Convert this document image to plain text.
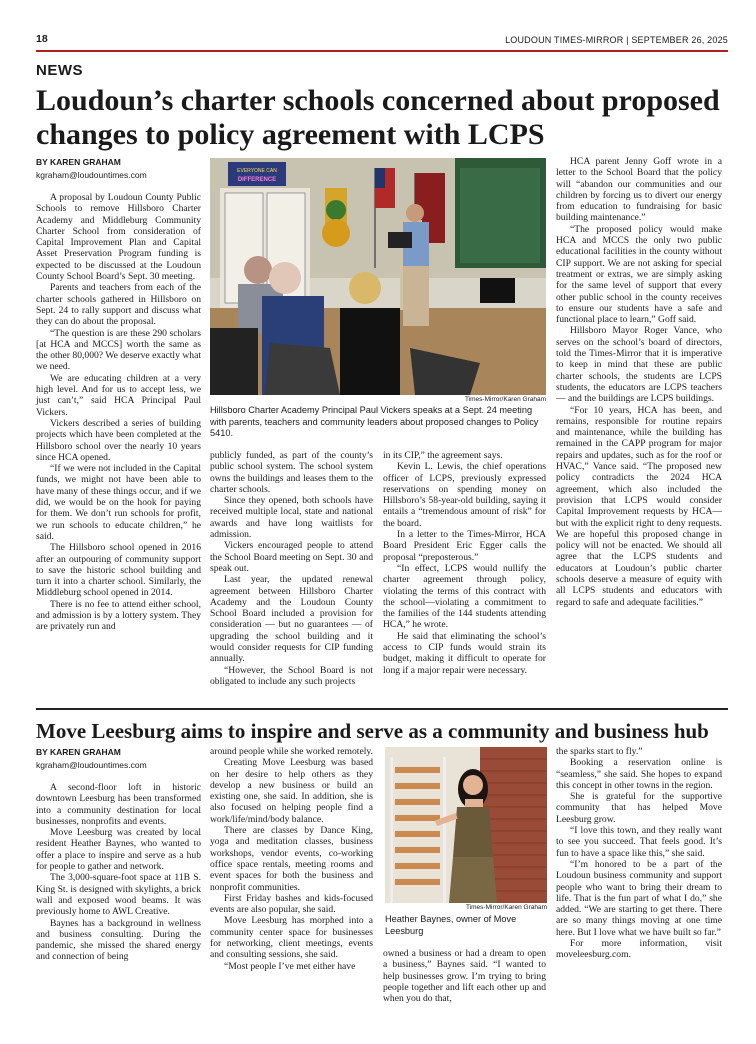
18	LOUDOUN TIMES-MIRROR | SEPTEMBER 26, 2025
NEWS
Loudoun’s charter schools concerned about proposed changes to policy agreement with LCPS
BY KAREN GRAHAM
kgraham@loudountimes.com

A proposal by Loudoun County Public Schools to remove Hillsboro Charter Academy and Middleburg Community Charter School from consideration of Capital Improvement Plan and Capital Asset Preservation Program funding is expected to be discussed at the Loudoun County School Board’s Sept. 30 meeting.

Parents and teachers from each of the charter schools gathered in Hillsboro on Sept. 24 to rally support and discuss what they can do about the proposal.

“The question is are these 290 scholars [at HCA and MCCS] worth the same as the other 80,000? We deserve exactly what we need.

We are educating children at a very high level. And for us to accept less, we just can’t,” said HCA Principal Paul Vickers.

Vickers described a series of building projects which have been completed at the Hillsboro school over the nearly 10 years since HCA opened.

“If we were not included in the Capital funds, we might not have been able to have many of these things occur, and if we did, we would be on the hook for paying for them. We don’t run schools for profit, we run schools to educate children,” he said.

The Hillsboro school opened in 2016 after an outpouring of community support to save the historic school building and turn it into a charter school. Similarly, the Middleburg school opened in 2014.

There is no fee to attend either school, and admission is by a lottery system. They are privately run and

EVERYONE CAN
DIFFERENCE
Times-Mirror/Karen Graham
Hillsboro Charter Academy Principal Paul Vickers speaks at a Sept. 24 meeting with parents, teachers and community leaders about proposed changes to Policy 5410.

publicly funded, as part of the county’s public school system. The school system owns the buildings and leases them to the charter schools.

Since they opened, both schools have received multiple local, state and national awards and have long waitlists for admission.

Vickers encouraged people to attend the School Board meeting on Sept. 30 and speak out.

Last year, the updated renewal agreement between Hillsboro Charter Academy and the Loudoun County School Board included a provision for consideration — but no guarantees — of upgrading the school building and it would consider requests for CIP funding annually.

“However, the School Board is not obligated to include any such projects

in its CIP,” the agreement says.

Kevin L. Lewis, the chief operations officer of LCPS, previously expressed reservations on spending money on Hillsboro’s 58-year-old building, saying it entails a “tremendous amount of risk” for the board.

In a letter to the Times-Mirror, HCA Board President Eric Egger calls the proposal “preposterous.”

“In effect, LCPS would nullify the charter agreement through policy, violating the terms of this contract with the school—violating a commitment to the families of the 144 students attending HCA,” he wrote.

He said that eliminating the school’s access to CIP funds would strain its budget, making it difficult to operate for long if a major repair were necessary.

HCA parent Jenny Goff wrote in a letter to the School Board that the policy will “abandon our communities and our children by forcing us to divert our energy from education to fundraising for basic building maintenance.”

“The proposed policy would make HCA and MCCS the only two public educational facilities in the county without CIP support. We are not asking for special treatment or extras, we are simply asking for the same level of support that every other public school in the county receives to ensure our students have a safe and functional place to learn,” Goff said.

Hillsboro Mayor Roger Vance, who serves on the school’s board of directors, told the Times-Mirror that it is imperative to keep in mind that these are public charter schools, the students are LCPS students, the educators are LCPS teachers — and the buildings are LCPS buildings.

“For 10 years, HCA has been, and remains, responsible for routine repairs and maintenance, while the building has remained in the CAPP program for major repairs and updates, such as for the roof or HVAC,” Vance said. “The proposed new policy contradicts the 2024 HCA agreement, which also included the provision that LCPS would consider Capital Improvement requests by HCA—but with the explicit right to deny requests. We are hopeful this proposed change in policy will not be enacted. We should all agree that the LCPS students and educators at Loudoun’s public charter schools deserve a measure of equity with all LCPS students and educators with regard to safe and adequate facilities.”

Move Leesburg aims to inspire and serve as a community and business hub
BY KAREN GRAHAM
kgraham@loudountimes.com

A second-floor loft in historic downtown Leesburg has been transformed into a community destination for local businesses, nonprofits and events.

Move Leesburg was created by local resident Heather Baynes, who wanted to offer a place to inspire and serve as a hub for people to gather and network.

The 3,000-square-foot space at 11B S. King St. is designed with skylights, a brick wall and exposed wood beams. It was previously home to AWL Creative.

Baynes has a background in wellness and business consulting. During the pandemic, she missed the shared energy and connection of being

around people while she worked remotely.

Creating Move Leesburg was based on her desire to help others as they develop a new business or build an existing one, she said. In addition, she is also focused on helping people find a work/life/mind/body balance.

There are classes by Dance King, yoga and meditation classes, business workshops, vendor events, co-working office space rentals, meeting rooms and event spaces for both the business and nonprofit communities.

First Friday bashes and kids-focused events are also popular, she said.

Move Leesburg has morphed into a community center space for businesses for networking, client meetings, events and consulting sessions, she said.

“Most people I’ve met either have

Times-Mirror/Karen Graham
Heather Baynes, owner of Move Leesburg

owned a business or had a dream to open a business,” Baynes said. “I wanted to help businesses grow. I’m trying to bring people together and lift each other up and when you do that,

the sparks start to fly.”

Booking a reservation online is “seamless,” she said. She hopes to expand this concept in other towns in the region.

She is grateful for the supportive community that has helped Move Leesburg grow.

“I love this town, and they really want to see you succeed. That feels good. It’s fun to have a space like this,” she said.

“I’m honored to be a part of the Loudoun business community and support people who want to bring their dream to life. That is the fun part of what I do,” she added. “We are starting to get there. There are so many things moving at one time here. But I love what we have built so far.”

For more information, visit moveleesburg.com.
